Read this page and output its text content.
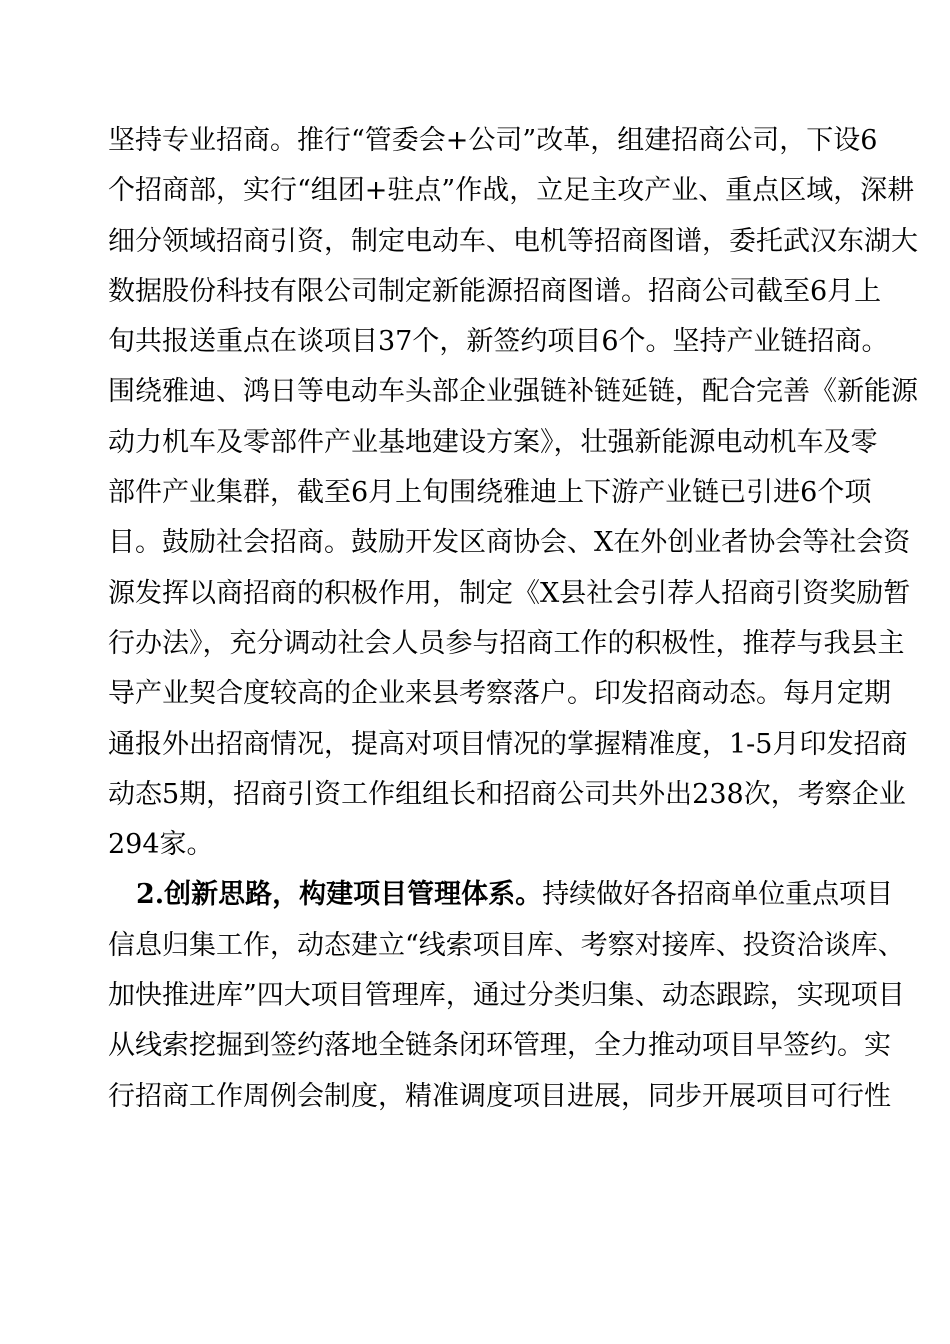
坚持专业招商。推行“管委会+公司”改革，组建招商公司，下设6
个招商部，实行“组团+驻点”作战，立足主攻产业、重点区域，深耕
细分领域招商引资，制定电动车、电机等招商图谱，委托武汉东湖大
数据股份科技有限公司制定新能源招商图谱。招商公司截至6月上
旬共报送重点在谈项目37个，新签约项目6个。坚持产业链招商。
围绕雅迪、鸿日等电动车头部企业强链补链延链，配合完善《新能源
动力机车及零部件产业基地建设方案》，壮强新能源电动机车及零
部件产业集群，截至6月上旬围绕雅迪上下游产业链已引进6个项
目。鼓励社会招商。鼓励开发区商协会、X在外创业者协会等社会资
源发挥以商招商的积极作用，制定《X县社会引荐人招商引资奖励暂
行办法》，充分调动社会人员参与招商工作的积极性，推荐与我县主
导产业契合度较高的企业来县考察落户。印发招商动态。每月定期
通报外出招商情况，提高对项目情况的掌握精准度，1-5月印发招商
动态5期，招商引资工作组组长和招商公司共外出238次，考察企业
294家。
2.创新思路，构建项目管理体系。持续做好各招商单位重点项目
信息归集工作，动态建立“线索项目库、考察对接库、投资洽谈库、
加快推进库”四大项目管理库，通过分类归集、动态跟踪，实现项目
从线索挖掘到签约落地全链条闭环管理，全力推动项目早签约。实
行招商工作周例会制度，精准调度项目进展，同步开展项目可行性
